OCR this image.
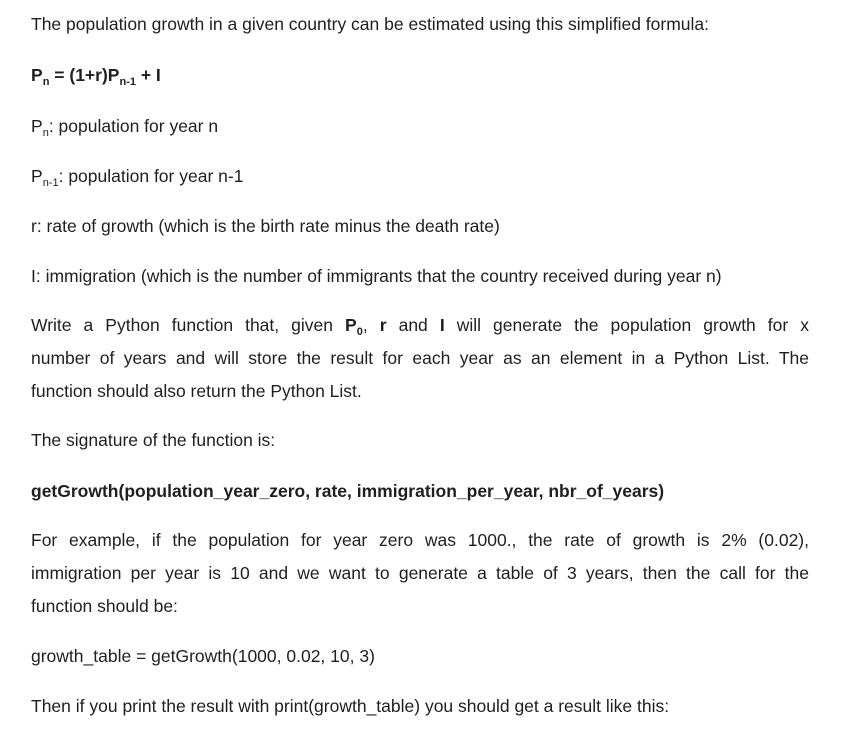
The population growth in a given country can be estimated using this simplified formula:
$P_n = (1+r)P_{n-1} + I$
$P_n$: population for year n
$P_{n-1}$: population for year n-1
r: rate of growth (which is the birth rate minus the death rate)
I: immigration (which is the number of immigrants that the country received during year n)
Write a Python function that, given $P_0$, r and I will generate the population growth for x
number of years and will store the result for each year as an element in a Python List. The
function should also return the Python List.
The signature of the function is:
getGrowth(population_year_zero, rate, immigration_per_year, nbr_of_years)
For example, if the population for year zero was 1000., the rate of growth is 2% (0.02),
immigration per year is 10 and we want to generate a table of 3 years, then the call for the
function should be:
growth_table = getGrowth(1000, 0.02, 10, 3)
Then if you print the result with print(growth_table) you should get a result like this:
